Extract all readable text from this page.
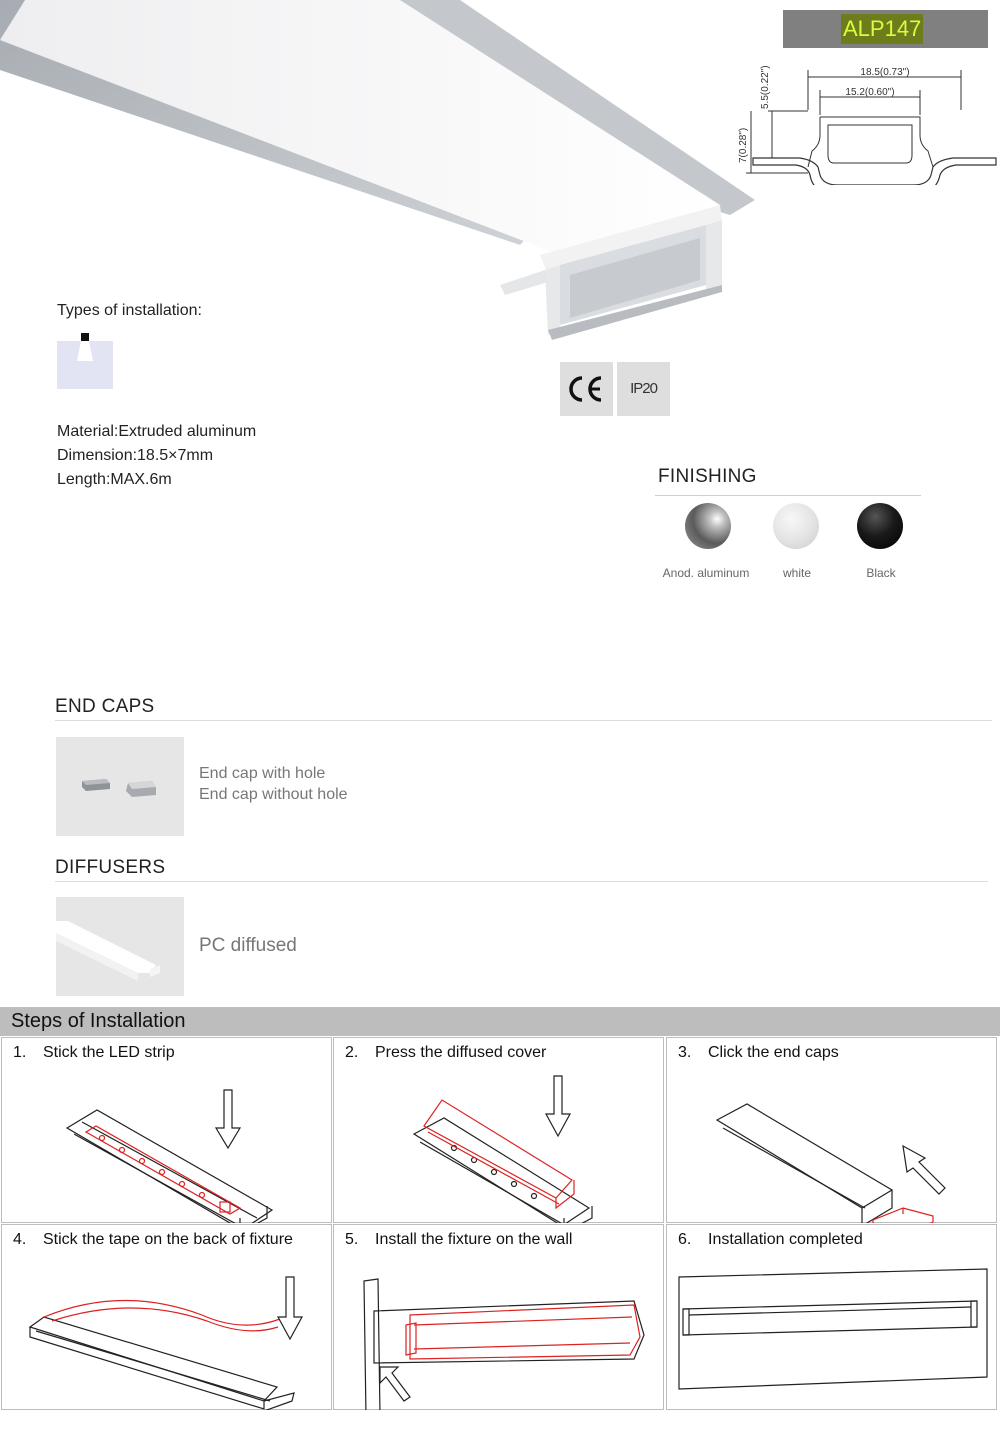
ALP147
18.5(0.73")
15.2(0.60")
5.5(0.22")
7(0.28")
Types of installation:
IP20
Material:Extruded aluminum
Dimension:18.5×7mm
Length:MAX.6m	FINISHING
Anod. aluminum	white	Black
END CAPS
End cap with hole
End cap without hole
DIFFUSERS
PC diffused
Steps of Installation
1. Stick the LED strip	2. Press the diffused cover	3. Click the end caps
4. Stick the tape on the back of fixture	5. Install the fixture on the wall	6. Installation completed
